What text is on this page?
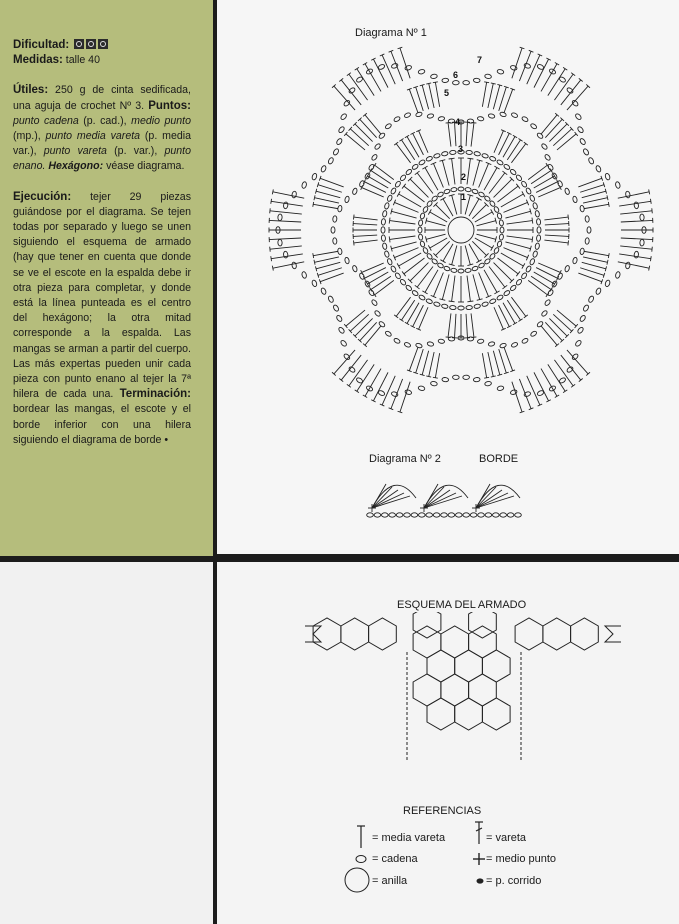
Dificultad:

Medidas: talle 40

Útiles: 250 g de cinta sedificada, una aguja de crochet Nº 3. Puntos: punto cadena (p. cad.), medio punto (mp.), punto media vareta (p. media var.), punto vareta (p. var.), punto enano. Hexágono: véase diagrama.

Ejecución: tejer 29 piezas guiándose por el diagrama. Se tejen todas por separado y luego se unen siguiendo el esquema de armado (hay que tener en cuenta que donde se ve el escote en la espalda debe ir otra pieza para completar, y donde está la línea punteada es el centro del hexágono; la otra mitad corresponde a la espalda. Las mangas se arman a partir del cuerpo. Las más expertas pueden unir cada pieza con punto enano al tejer la 7ª hilera de cada una. Terminación: bordear las mangas, el escote y el borde inferior con una hilera siguiendo el diagrama de borde •

Diagrama Nº 1
1
2
3
4
5
6
7
Diagrama Nº 2	BORDE
ESQUEMA DEL ARMADO
REFERENCIAS
= media vareta	= vareta
= cadena	= medio punto
= anilla	= p. corrido
